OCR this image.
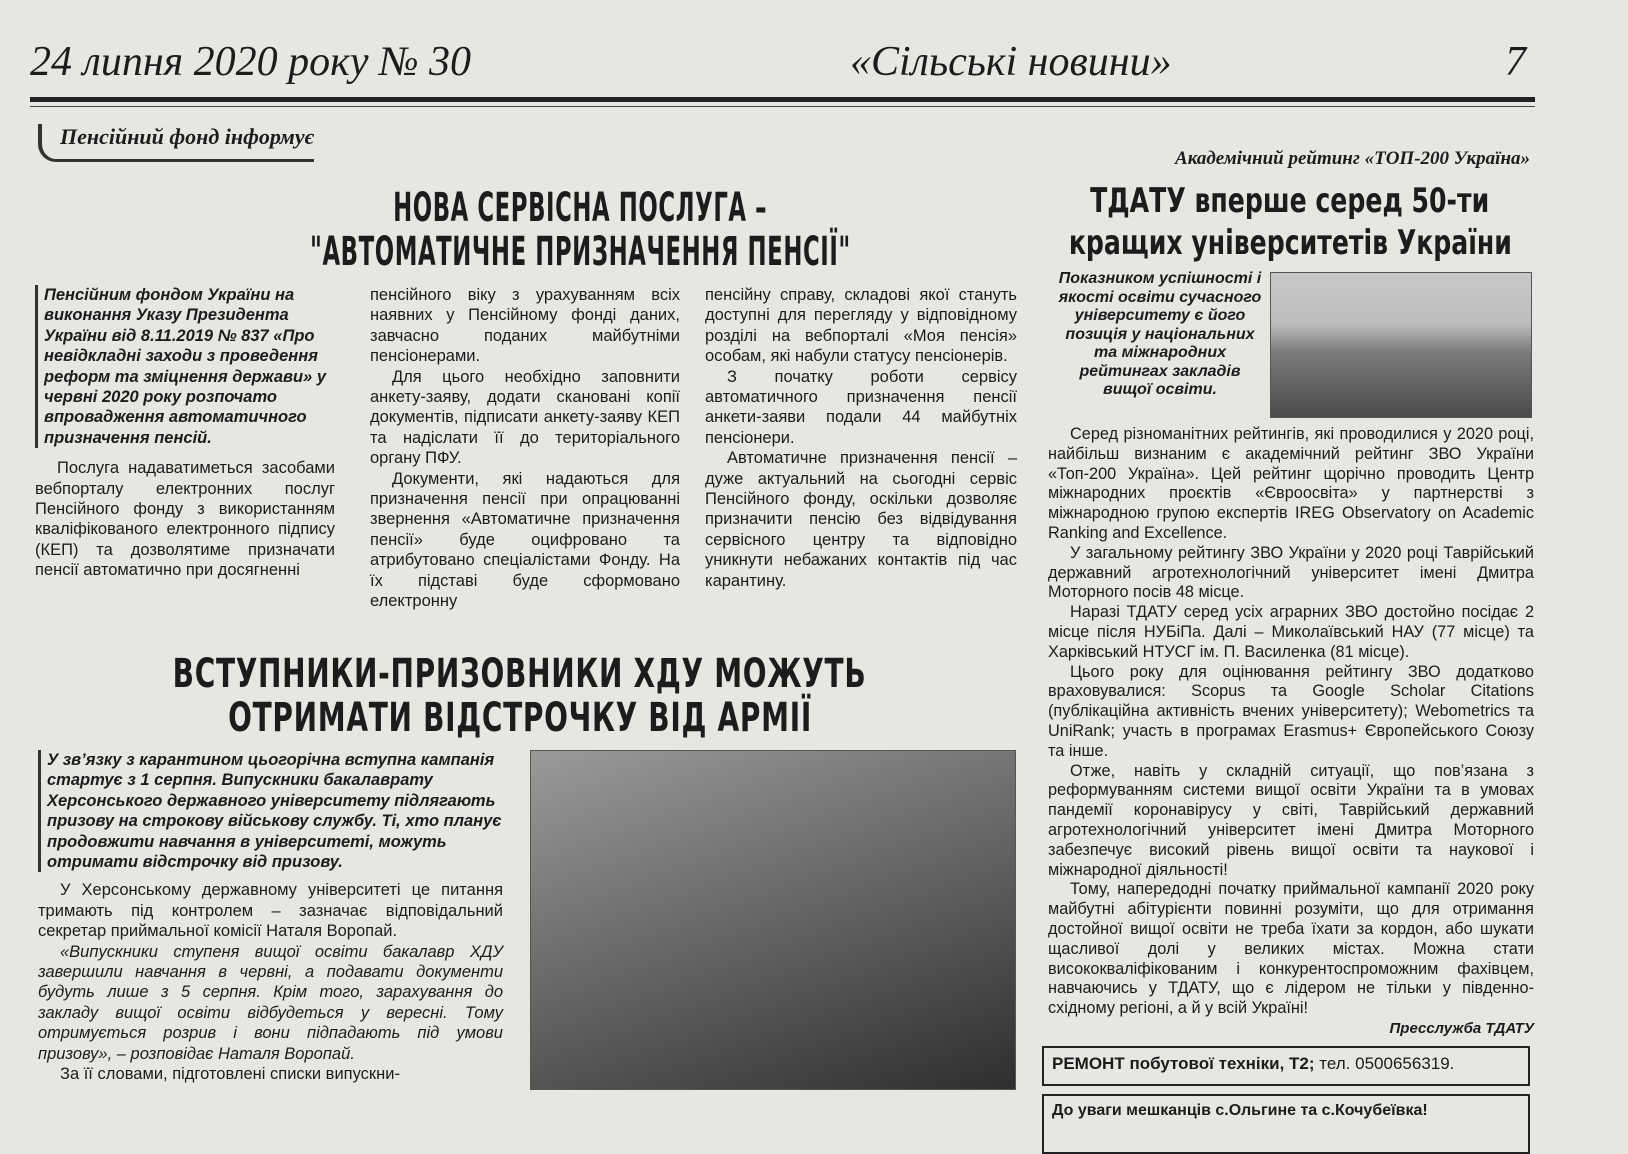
24 липня 2020 року № 30	«Сільські новини»	7
Пенсійний фонд інформує
НОВА СЕРВІСНА ПОСЛУГА –
"АВТОМАТИЧНЕ ПРИЗНАЧЕННЯ ПЕНСІЇ"
Пенсійним фондом України на виконання Указу Президента України від 8.11.2019 № 837 «Про невідкладні заходи з проведення реформ та зміцнення держави» у червні 2020 року розпочато впровадження автоматичного призначення пенсій.

Послуга надаватиметься засобами вебпорталу електронних послуг Пенсійного фонду з використанням кваліфікованого електронного підпису (КЕП) та дозволятиме призначати пенсії автоматично при досягненні

пенсійного віку з урахуванням всіх наявних у Пенсійному фонді даних, завчасно поданих майбутніми пенсіонерами.

Для цього необхідно заповнити анкету-заяву, додати скановані копії документів, підписати анкету-заяву КЕП та надіслати її до територіального органу ПФУ.

Документи, які надаються для призначення пенсії при опрацюванні звернення «Автоматичне призначення пенсії» буде оцифровано та атрибутовано спеціалістами Фонду. На їх підставі буде сформовано електронну

пенсійну справу, складові якої стануть доступні для перегляду у відповідному розділі на вебпорталі «Моя пенсія» особам, які набули статусу пенсіонерів.

З початку роботи сервісу автоматичного призначення пенсії анкети-заяви подали 44 майбутніх пенсіонери.

Автоматичне призначення пенсії – дуже актуальний на сьогодні сервіс Пенсійного фонду, оскільки дозволяє призначити пенсію без відвідування сервісного центру та відповідно уникнути небажаних контактів під час карантину.

ВСТУПНИКИ-ПРИЗОВНИКИ ХДУ МОЖУТЬ
ОТРИМАТИ ВІДСТРОЧКУ ВІД АРМІЇ
У зв’язку з карантином цьогорічна вступна кампанія стартує з 1 серпня. Випускники бакалаврату Херсонського державного університету підлягають призову на строкову військову службу. Ті, хто планує продовжити навчання в університеті, можуть отримати відстрочку від призову.

У Херсонському державному університеті це питання тримають під контролем – зазначає відповідальний секретар приймальної комісії Наталя Воропай.

«Випускники ступеня вищої освіти бакалавр ХДУ завершили навчання в червні, а подавати документи будуть лише з 5 серпня. Крім того, зарахування до закладу вищої освіти відбудеться у вересні. Тому отримується розрив і вони підпадають під умови призову», – розповідає Наталя Воропай.

За її словами, підготовлені списки випускни-

Академічний рейтинг «ТОП-200 Україна»
ТДАТУ вперше серед 50-ти
кращих університетів України
Показником успішності і якості освіти сучасного університету є його позиція у національних та міжнародних рейтингах закладів вищої освіти.

Серед різноманітних рейтингів, які проводилися у 2020 році, найбільш визнаним є академічний рейтинг ЗВО України «Топ-200 Україна». Цей рейтинг щорічно проводить Центр міжнародних проєктів «Євроосвіта» у партнерстві з міжнародною групою експертів IREG Observatory on Academic Ranking and Excellence.

У загальному рейтингу ЗВО України у 2020 році Таврійський державний агротехнологічний університет імені Дмитра Моторного посів 48 місце.

Наразі ТДАТУ серед усіх аграрних ЗВО достойно посідає 2 місце після НУБіПа. Далі – Миколаївський НАУ (77 місце) та Харківський НТУСГ ім. П. Василенка (81 місце).

Цього року для оцінювання рейтингу ЗВО додатково враховувалися: Scopus та Google Scholar Citations (публікаційна активність вчених університету); Webometrics та UniRank; участь в програмах Erasmus+ Європейського Союзу та інше.

Отже, навіть у складній ситуації, що пов’язана з реформуванням системи вищої освіти України та в умовах пандемії коронавірусу у світі, Таврійський державний агротехнологічний університет імені Дмитра Моторного забезпечує високий рівень вищої освіти та наукової і міжнародної діяльності!

Тому, напередодні початку приймальної кампанії 2020 року майбутні абітурієнти повинні розуміти, що для отримання достойної вищої освіти не треба їхати за кордон, або шукати щасливої долі у великих містах. Можна стати висококваліфікованим і конкурентоспроможним фахівцем, навчаючись у ТДАТУ, що є лідером не тільки у південно-східному регіоні, а й у всій Україні!

Пресслужба ТДАТУ
РЕМОНТ побутової техніки, Т2; тел. 0500656319.
До уваги мешканців с.Ольгине та с.Кочубеївка!
